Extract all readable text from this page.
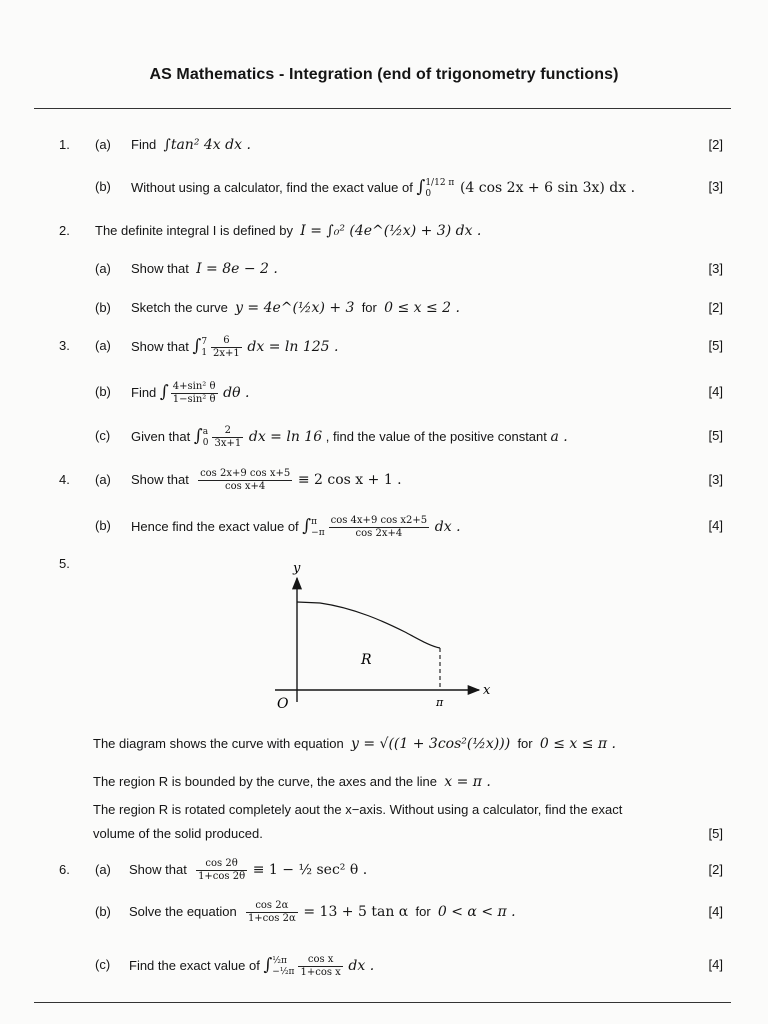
AS Mathematics - Integration (end of trigonometry functions)
1. (a) Find ∫tan² 4x dx .	[2]
(b) Without using a calculator, find the exact value of ∫ 1/12 π
0	(4 cos 2x + 6 sin 3x) dx .	[3]
2. The definite integral I is defined by I = ∫₀² (4e^(½x) + 3) dx .
(a) Show that I = 8e − 2 .	[3]
(b) Sketch the curve y = 4e^(½x) + 3 for 0 ≤ x ≤ 2 .	[2]
3. (a) Show that ∫ 7
$1 \frac{6}{2x+1}$ dx = ln 125 .	[5]
(b) Find ∫ $\frac{\text{4+sin² θ}}{\text{1−sin² θ}}$ dθ .	[4]
(c) Given that ∫ a
$0 \frac{2}{3x+1}$ dx = ln 16 , find the value of the positive constant a .	[5]
4. (a) Show that $\frac{\text{cos 2x+9 cos x+5}}{\text{cos x+4}} \equiv 2$ cos x + 1 .	[3]
(b) Hence find the exact value of ∫ π
$-\pi \frac{\text{cos 4x+9 cos x2+5}}{\cos 2x+4}$ dx .	[4]
5.	y
x
O
R
π
The diagram shows the curve with equation y = √((1 + 3cos²(½x))) for 0 ≤ x ≤ π .
The region R is bounded by the curve, the axes and the line x = π .
The region R is rotated completely aout the x−axis. Without using a calculator, find the exact
volume of the solid produced.	[5]
6. (a) Show that $\frac{\cos 2\theta}{1+\cos 2\theta} \equiv 1$ − ½ sec² θ .	[2]
(b) Solve the equation $\frac{\cos 2\alpha}{1+\cos 2\alpha} = 13 + 5$ tan α for 0 < α < π .	[4]
(c) Find the exact value of ∫ ½π
−½π $\frac{\text{cos x}}{\text{1+cos x}}$ dx .	[4]
